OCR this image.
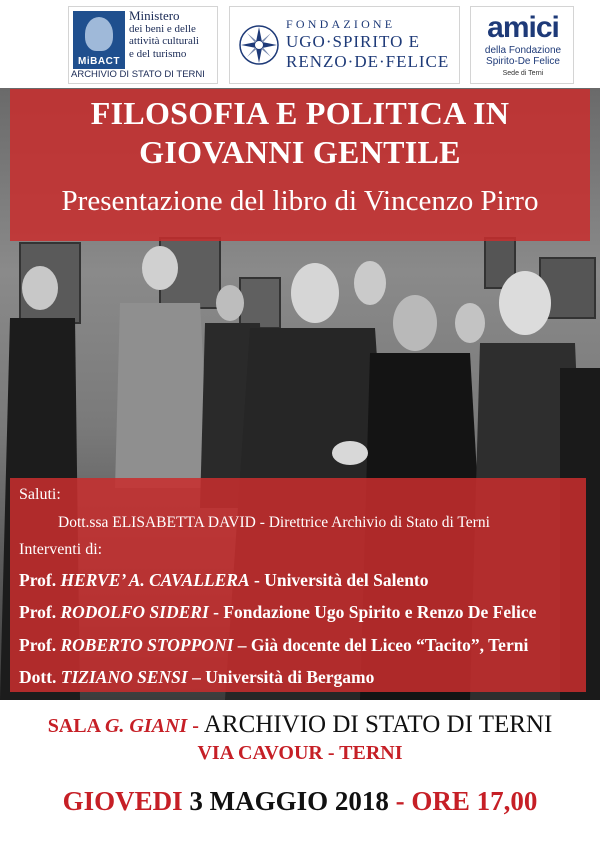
MiBACT
Ministero
dei beni e delle
attività culturali
e del turismo
ARCHIVIO DI STATO DI TERNI
FONDAZIONE
UGO·SPIRITO E
RENZO·DE·FELICE
amici
della Fondazione
Spirito-De Felice
Sede di Terni
FILOSOFIA E POLITICA IN
GIOVANNI GENTILE
Presentazione del libro di Vincenzo Pirro
Saluti:
Dott.ssa ELISABETTA DAVID - Direttrice Archivio di Stato di Terni
Interventi di:
Prof. HERVE’ A. CAVALLERA - Università del Salento
Prof. RODOLFO SIDERI - Fondazione Ugo Spirito e Renzo De Felice
Prof. ROBERTO STOPPONI – Già docente del Liceo “Tacito”, Terni
Dott. TIZIANO SENSI – Università di Bergamo
SALA G. GIANI - ARCHIVIO DI STATO DI TERNI
VIA CAVOUR - TERNI
GIOVEDI 3 MAGGIO 2018 - ORE 17,00
